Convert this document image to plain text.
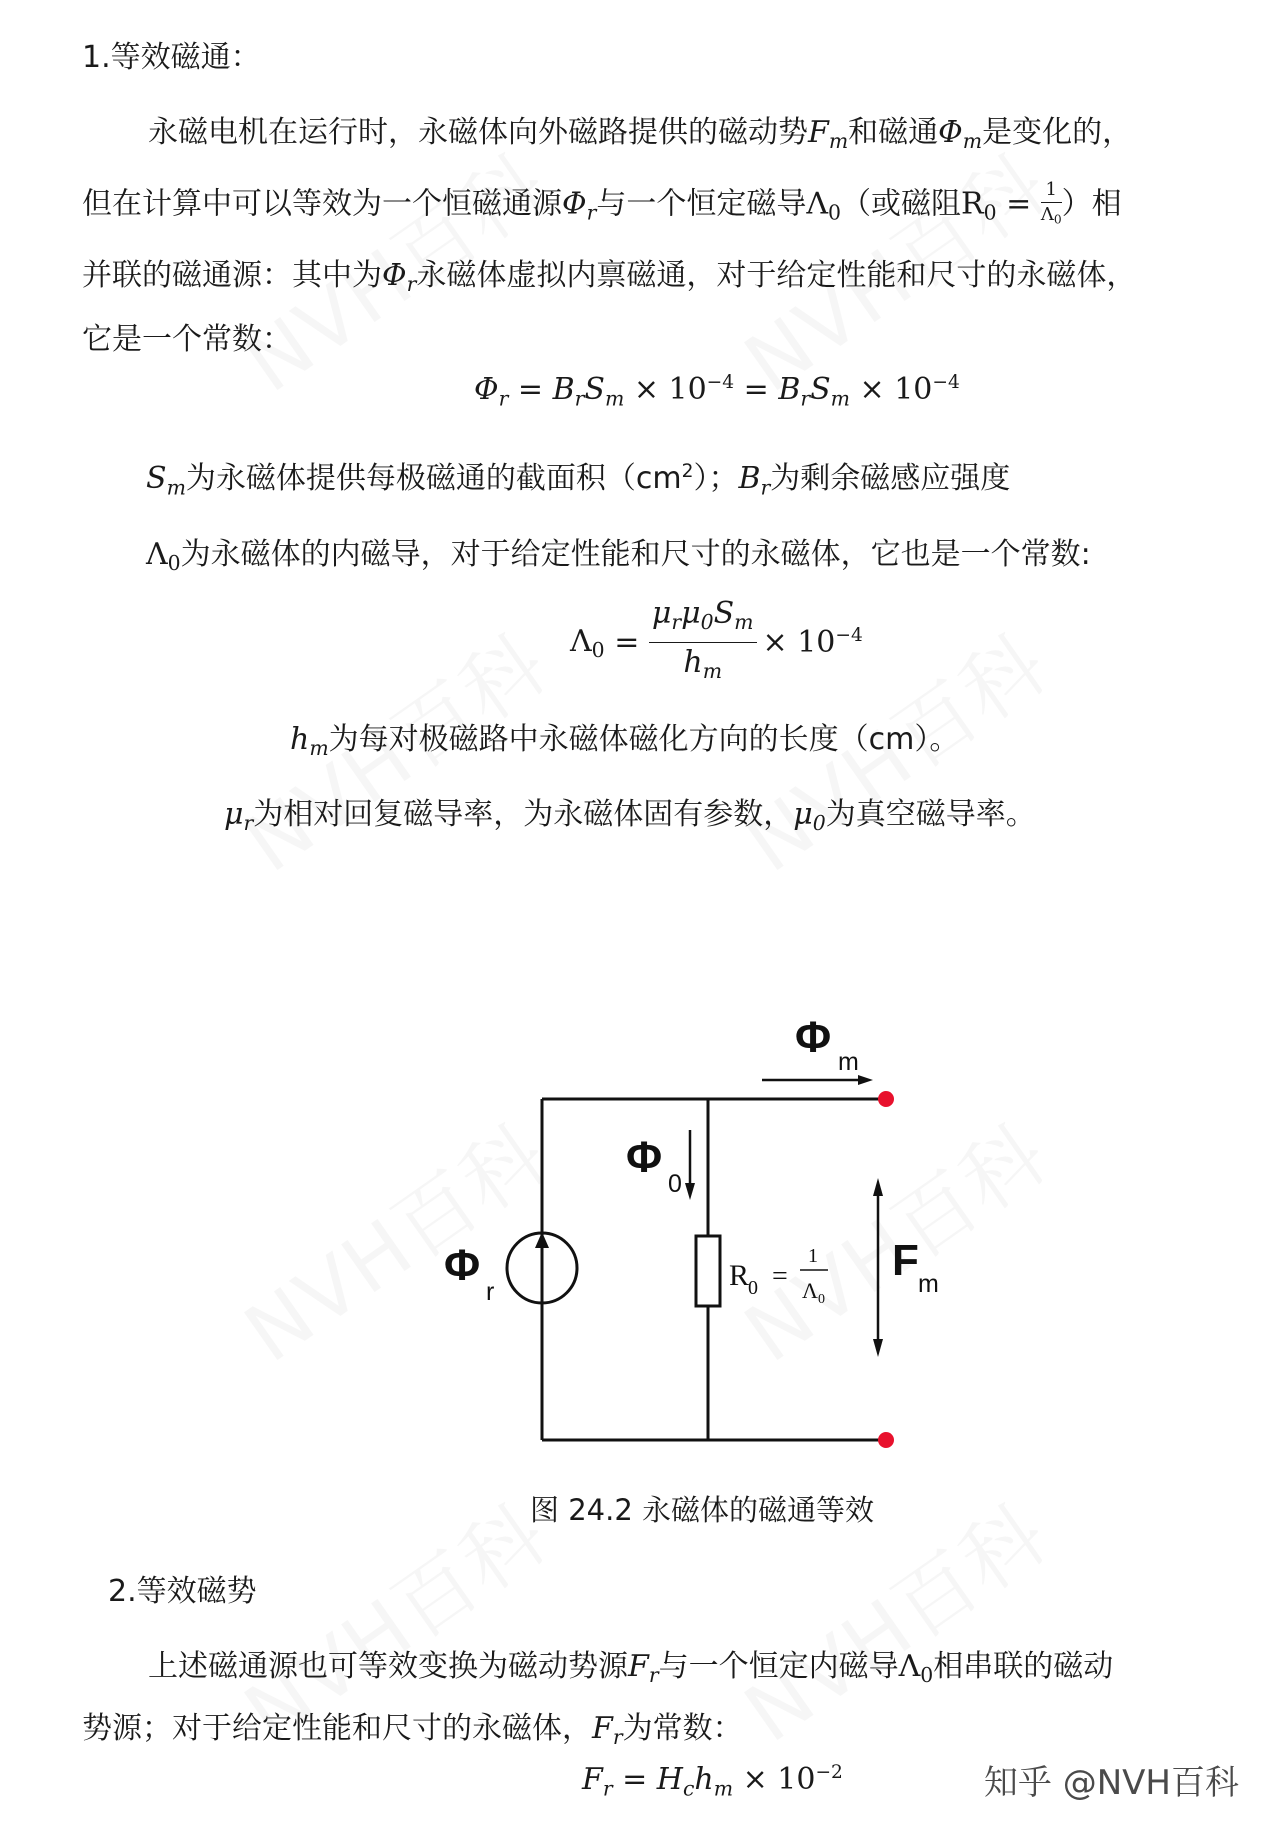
1.等效磁通：
永磁电机在运行时，永磁体向外磁路提供的磁动势$F_m$和磁通$\Phi_m$是变化的，
但在计算中可以等效为一个恒磁通源$\Phi_r$与一个恒定磁导$\Lambda_0$（或磁阻$R_0 = \frac{1}{\Lambda_0}$ ）相
并联的磁通源：其中为$\Phi_r$永磁体虚拟内禀磁通，对于给定性能和尺寸的永磁体，
它是一个常数：
$\Phi_r = B_rS_m \times 10^{-4} = B_rS_m \times 10^{-4}$
$S_m$为永磁体提供每极磁通的截面积$(cm^2)$；$B_r$为剩余磁感应强度
$\Lambda_0$为永磁体的内磁导，对于给定性能和尺寸的永磁体，它也是一个常数:
$\Lambda_0 = \frac{\mu_r\mu_0S_m}{h_m} \times 10^{-4}$
$h_m$为每对极磁路中永磁体磁化方向的长度（cm）。
$\mu_r$为相对回复磁导率，为永磁体固有参数，$\mu_0$为真空磁导率。
Φ m
Φ
0
Φ
r	R
0 =
1
Λ 0
F m
图 24.2 永磁体的磁通等效
2.等效磁势
上述磁通源也可等效变换为磁动势源$F_r$与一个恒定内磁导$\Lambda_0$相串联的磁动
势源；对于给定性能和尺寸的永磁体，$F_r$为常数：
$F_r = H_ch_m \times 10^{-2}$	知乎 @NVH百科
